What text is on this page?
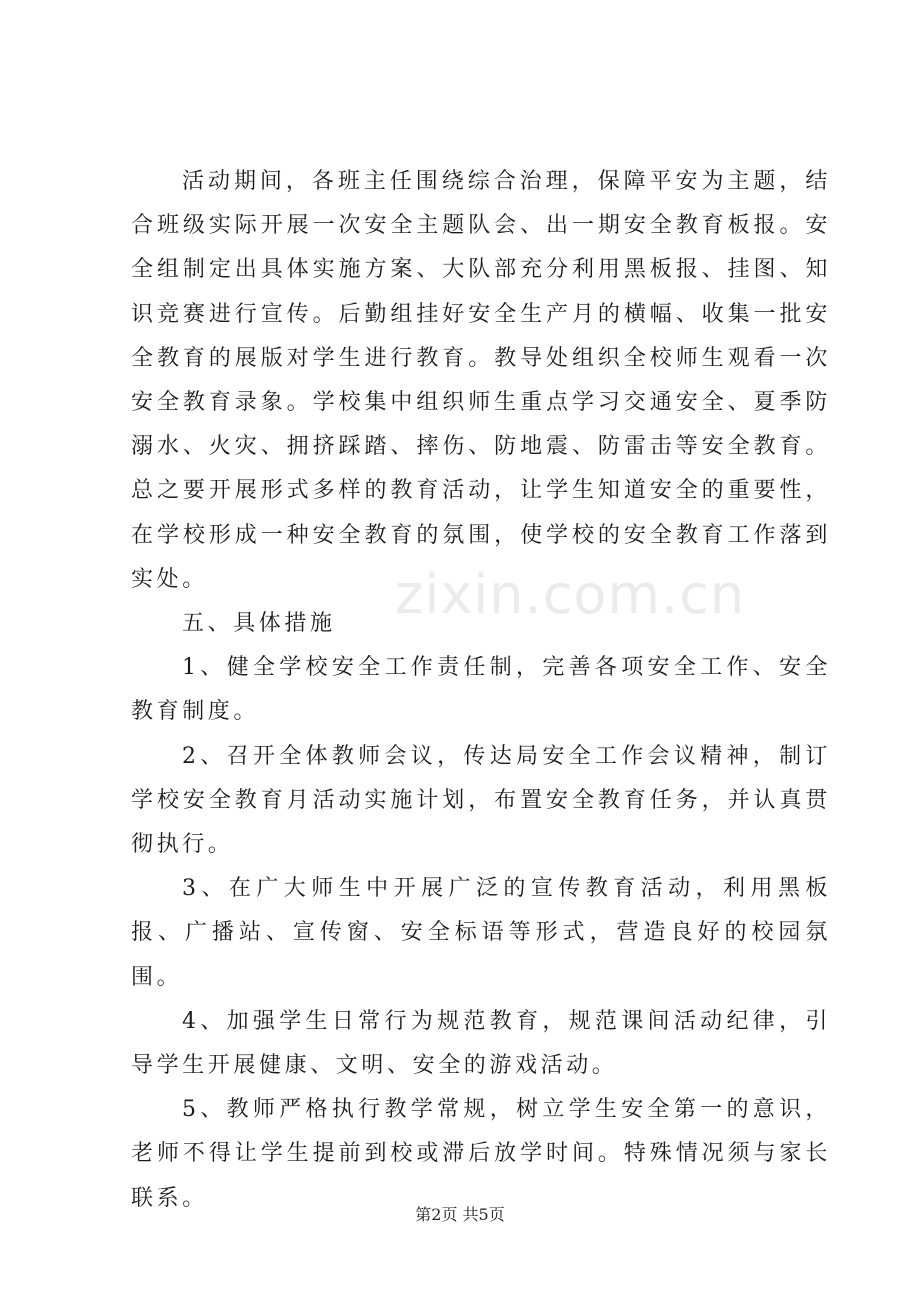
活动期间，各班主任围绕综合治理，保障平安为主题，结合班级实际开展一次安全主题队会、出一期安全教育板报。安全组制定出具体实施方案、大队部充分利用黑板报、挂图、知识竞赛进行宣传。后勤组挂好安全生产月的横幅、收集一批安全教育的展版对学生进行教育。教导处组织全校师生观看一次安全教育录象。学校集中组织师生重点学习交通安全、夏季防溺水、火灾、拥挤踩踏、摔伤、防地震、防雷击等安全教育。总之要开展形式多样的教育活动，让学生知道安全的重要性，在学校形成一种安全教育的氛围，使学校的安全教育工作落到实处。

五、具体措施

1、健全学校安全工作责任制，完善各项安全工作、安全教育制度。

2、召开全体教师会议，传达局安全工作会议精神，制订学校安全教育月活动实施计划，布置安全教育任务，并认真贯彻执行。

3、在广大师生中开展广泛的宣传教育活动，利用黑板报、广播站、宣传窗、安全标语等形式，营造良好的校园氛围。

4、加强学生日常行为规范教育，规范课间活动纪律，引导学生开展健康、文明、安全的游戏活动。

5、教师严格执行教学常规，树立学生安全第一的意识，老师不得让学生提前到校或滞后放学时间。特殊情况须与家长联系。

zixin.com.cn
第2页 共5页
